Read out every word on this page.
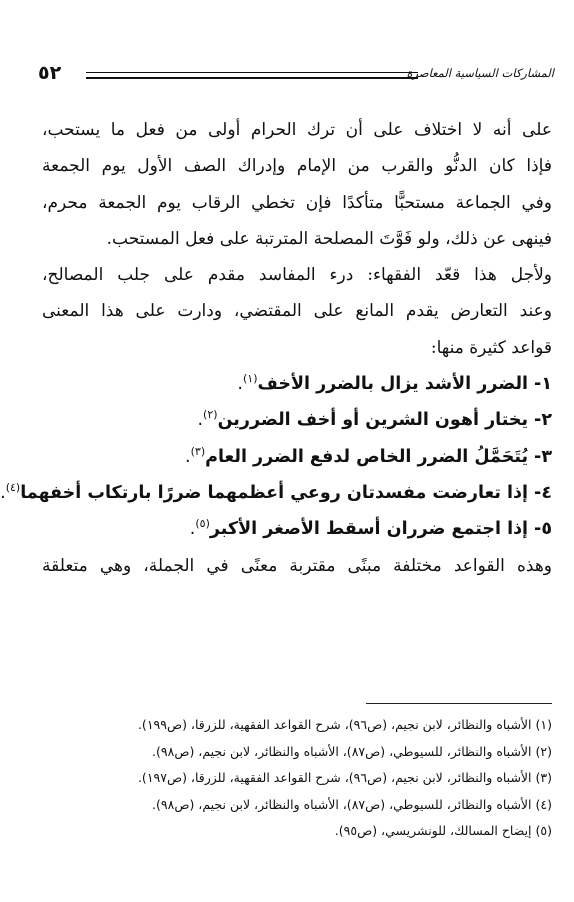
٥٢	المشاركات السياسية المعاصرة

على أنه لا اختلاف على أن ترك الحرام أولى من فعل ما يستحب،
فإذا كان الدنُّو والقرب من الإمام وإدراك الصف الأول يوم الجمعة
وفي الجماعة مستحبًّا متأكدًا فإن تخطي الرقاب يوم الجمعة محرم،
فينهى عن ذلك، ولو فَوَّتَ المصلحة المترتبة على فعل المستحب.

ولأجل هذا قعّد الفقهاء: درء المفاسد مقدم على جلب المصالح،
وعند التعارض يقدم المانع على المقتضي، ودارت على هذا المعنى
قواعد كثيرة منها:

١-الضرر الأشد يزال بالضرر الأخف$^{(١)}$.
٢-يختار أهون الشرين أو أخف الضررين$^{(٢)}$.
٣-يُتَحَمَّلُ الضرر الخاص لدفع الضرر العام$^{(٣)}$.
٤-إذا تعارضت مفسدتان روعي أعظمهما ضررًا بارتكاب أخفهما$^{(٤)}$.
٥-إذا اجتمع ضرران أسقط الأصغر الأكبر$^{(٥)}$.

وهذه القواعد مختلفة مبنًى مقتربة معنًى في الجملة، وهي متعلقة

(١) الأشباه والنظائر، لابن نجيم، (ص٩٦)، شرح القواعد الفقهية، للزرقا، (ص١٩٩).
(٢) الأشباه والنظائر، للسيوطي، (ص٨٧)، الأشباه والنظائر، لابن نجيم، (ص٩٨).
(٣) الأشباه والنظائر، لابن نجيم، (ص٩٦)، شرح القواعد الفقهية، للزرقا، (ص١٩٧).
(٤) الأشباه والنظائر، للسيوطي، (ص٨٧)، الأشباه والنظائر، لابن نجيم، (ص٩٨).
(٥) إيضاح المسالك، للونشريسي، (ص٩٥).
